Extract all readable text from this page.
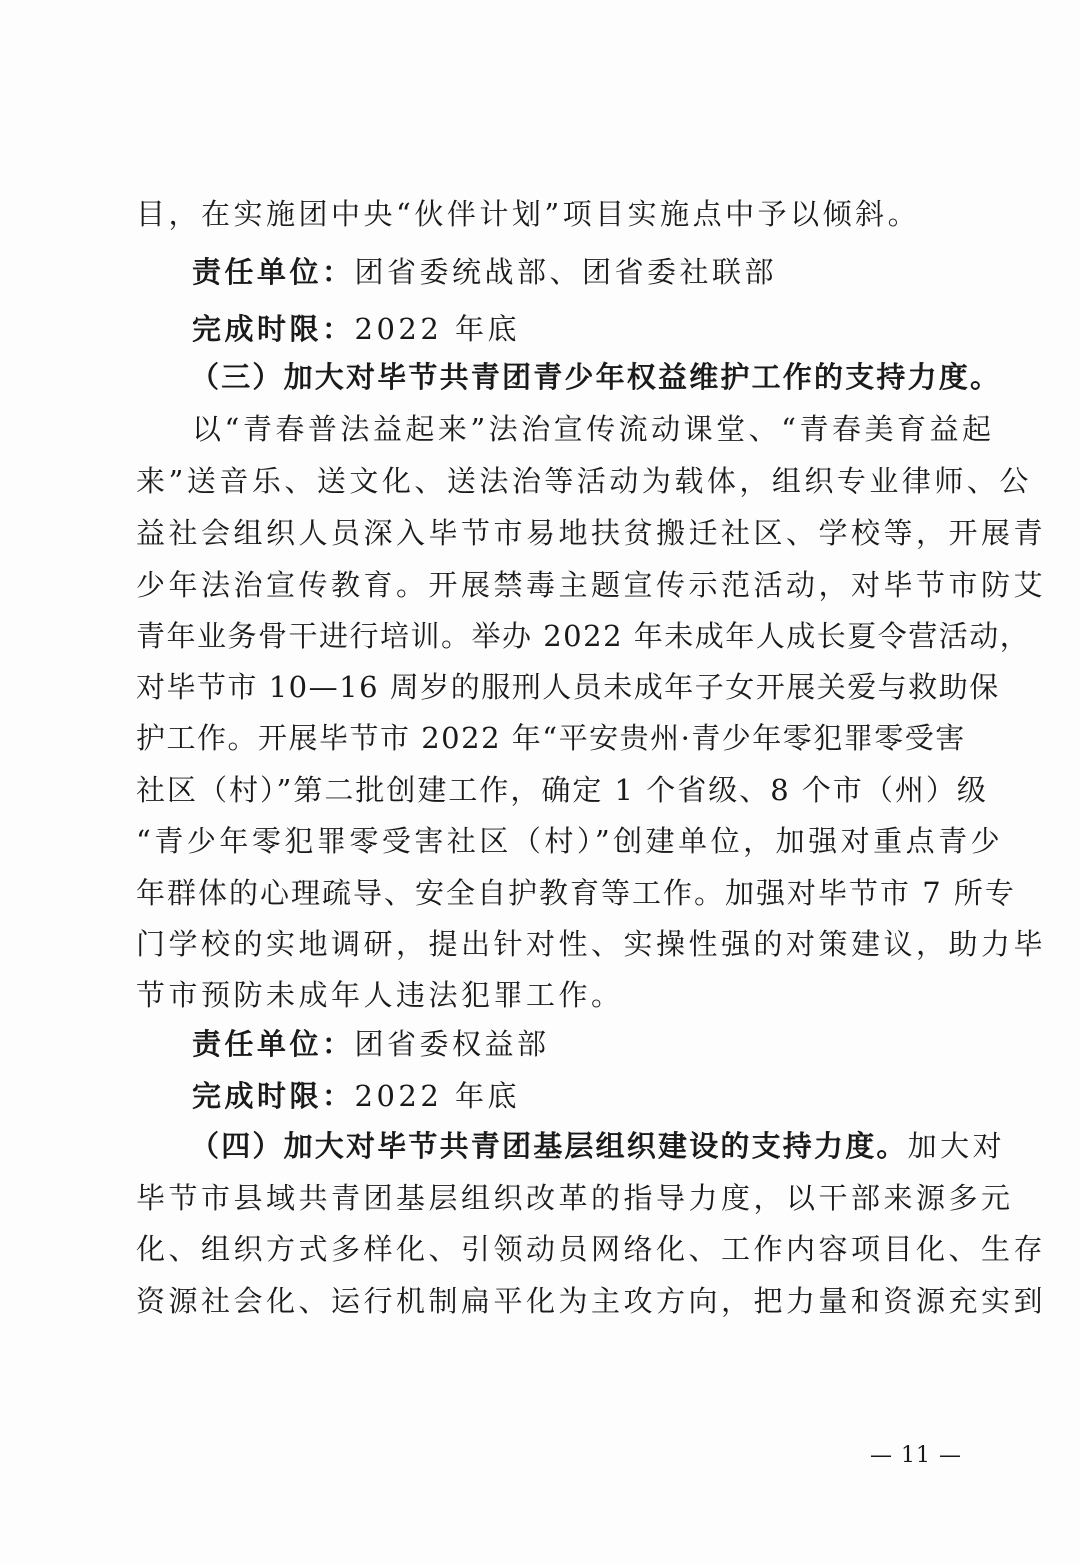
目，在实施团中央“伙伴计划”项目实施点中予以倾斜。
责任单位：团省委统战部、团省委社联部
完成时限：2022 年底
（三）加大对毕节共青团青少年权益维护工作的支持力度。
以“青春普法益起来”法治宣传流动课堂、“青春美育益起
来”送音乐、送文化、送法治等活动为载体，组织专业律师、公
益社会组织人员深入毕节市易地扶贫搬迁社区、学校等，开展青
少年法治宣传教育。开展禁毒主题宣传示范活动，对毕节市防艾
青年业务骨干进行培训。举办 2022 年未成年人成长夏令营活动，
对毕节市 10—16 周岁的服刑人员未成年子女开展关爱与救助保
护工作。开展毕节市 2022 年“平安贵州·青少年零犯罪零受害
社区（村）”第二批创建工作，确定 1 个省级、8 个市（州）级
“青少年零犯罪零受害社区（村）”创建单位，加强对重点青少
年群体的心理疏导、安全自护教育等工作。加强对毕节市 7 所专
门学校的实地调研，提出针对性、实操性强的对策建议，助力毕
节市预防未成年人违法犯罪工作。
责任单位：团省委权益部
完成时限：2022 年底
（四）加大对毕节共青团基层组织建设的支持力度。加大对
毕节市县域共青团基层组织改革的指导力度，以干部来源多元
化、组织方式多样化、引领动员网络化、工作内容项目化、生存
资源社会化、运行机制扁平化为主攻方向，把力量和资源充实到
— 11 —
